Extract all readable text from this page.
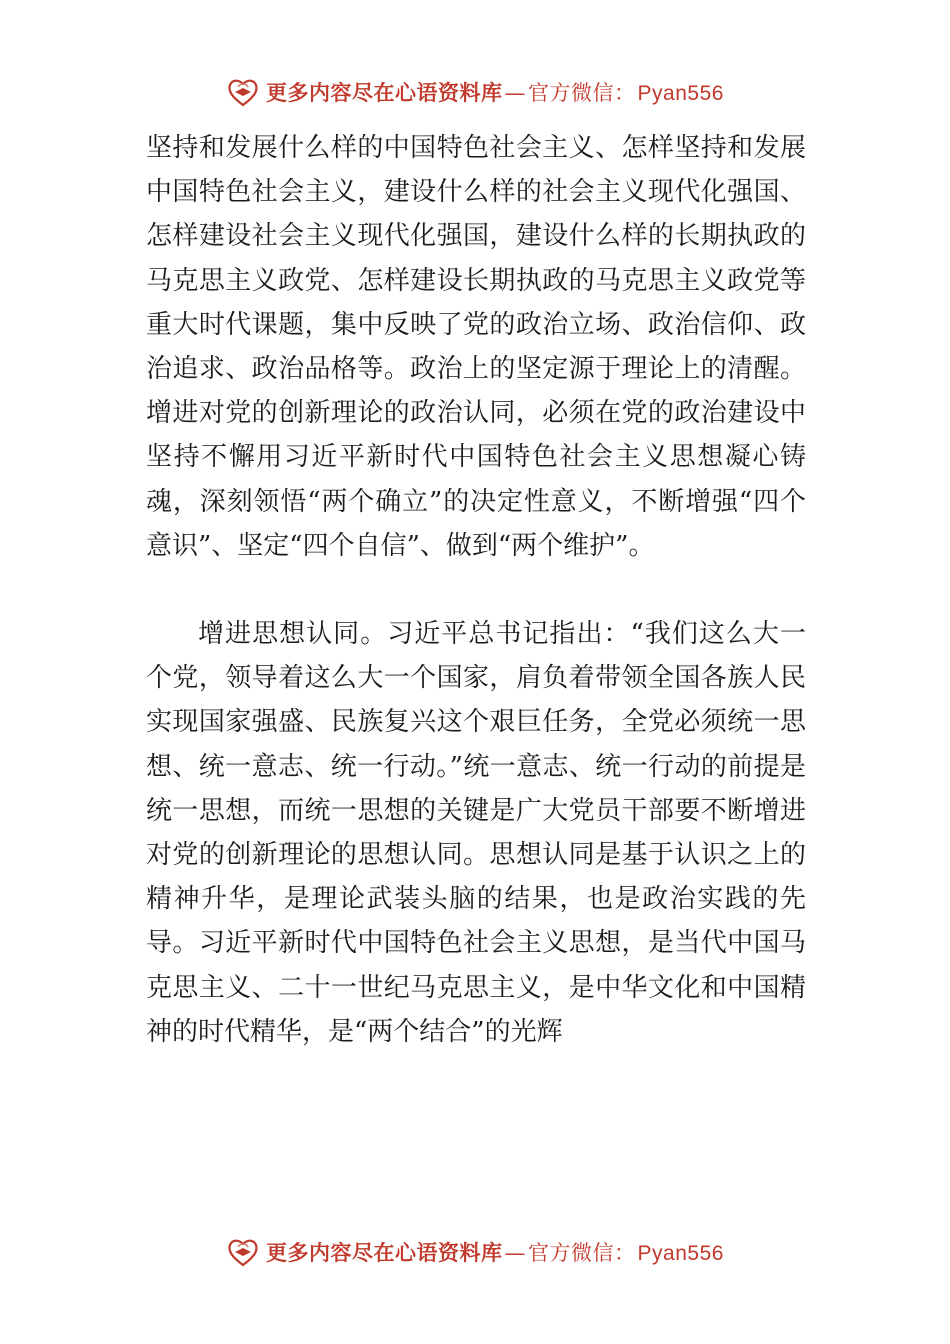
更多内容尽在心语资料库 — 官方微信： Pyan556

坚持和发展什么样的中国特色社会主义、怎样坚持和发展中国特色社会主义，建设什么样的社会主义现代化强国、怎样建设社会主义现代化强国，建设什么样的长期执政的马克思主义政党、怎样建设长期执政的马克思主义政党等重大时代课题，集中反映了党的政治立场、政治信仰、政治追求、政治品格等。政治上的坚定源于理论上的清醒。增进对党的创新理论的政治认同，必须在党的政治建设中坚持不懈用习近平新时代中国特色社会主义思想凝心铸魂，深刻领悟“两个确立”的决定性意义，不断增强“四个意识”、坚定“四个自信”、做到“两个维护”。

增进思想认同。习近平总书记指出：“我们这么大一个党，领导着这么大一个国家，肩负着带领全国各族人民实现国家强盛、民族复兴这个艰巨任务，全党必须统一思想、统一意志、统一行动。”统一意志、统一行动的前提是统一思想，而统一思想的关键是广大党员干部要不断增进对党的创新理论的思想认同。思想认同是基于认识之上的精神升华，是理论武装头脑的结果，也是政治实践的先导。习近平新时代中国特色社会主义思想，是当代中国马克思主义、二十一世纪马克思主义，是中华文化和中国精神的时代精华，是“两个结合”的光辉

更多内容尽在心语资料库 — 官方微信： Pyan556
